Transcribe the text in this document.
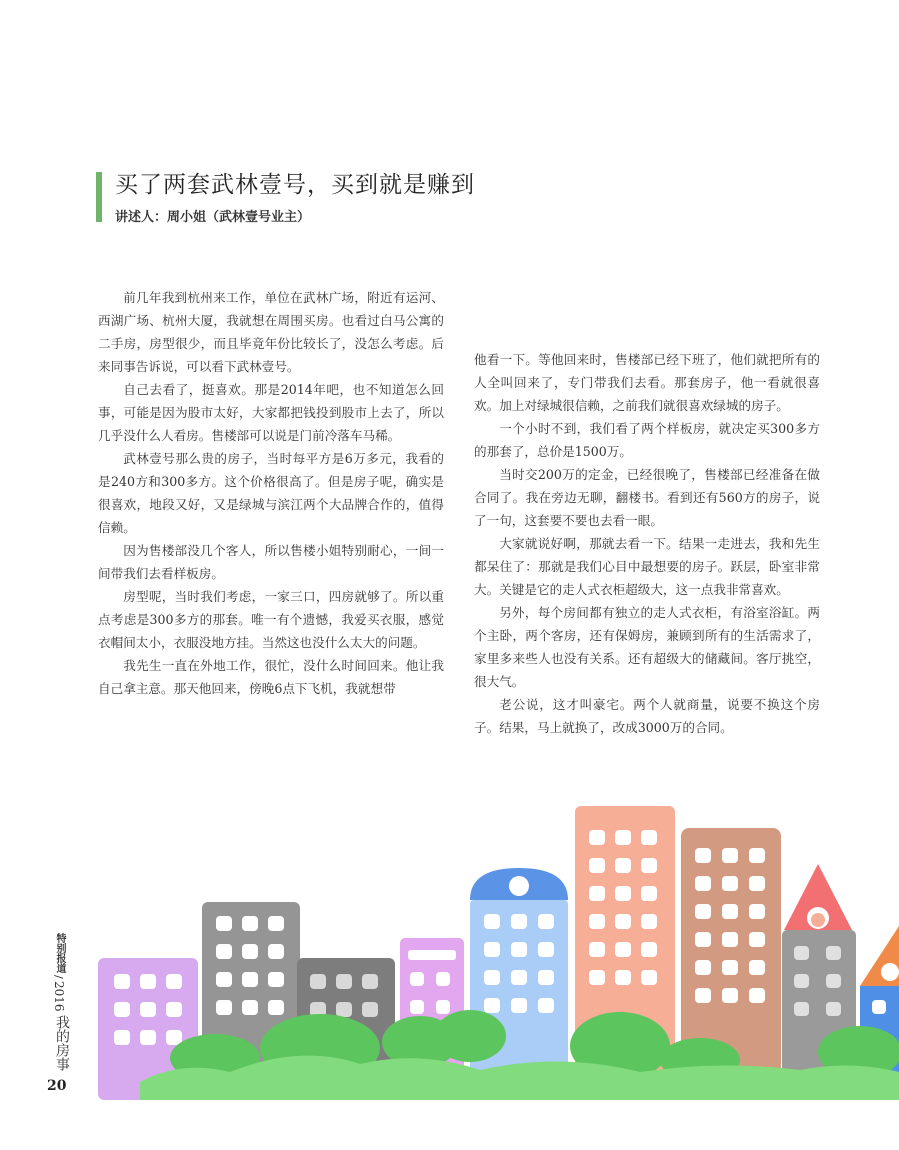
买了两套武林壹号，买到就是赚到
讲述人：周小姐（武林壹号业主）

前几年我到杭州来工作，单位在武林广场，附近有运河、西湖广场、杭州大厦，我就想在周围买房。也看过白马公寓的二手房，房型很少，而且毕竟年份比较长了，没怎么考虑。后来同事告诉说，可以看下武林壹号。

自己去看了，挺喜欢。那是2014年吧，也不知道怎么回事，可能是因为股市太好，大家都把钱投到股市上去了，所以几乎没什么人看房。售楼部可以说是门前冷落车马稀。

武林壹号那么贵的房子，当时每平方是6万多元，我看的是240方和300多方。这个价格很高了。但是房子呢，确实是很喜欢，地段又好，又是绿城与滨江两个大品牌合作的，值得信赖。

因为售楼部没几个客人，所以售楼小姐特别耐心，一间一间带我们去看样板房。

房型呢，当时我们考虑，一家三口，四房就够了。所以重点考虑是300多方的那套。唯一有个遗憾，我爱买衣服，感觉衣帽间太小，衣服没地方挂。当然这也没什么太大的问题。

我先生一直在外地工作，很忙，没什么时间回来。他让我自己拿主意。那天他回来，傍晚6点下飞机，我就想带

他看一下。等他回来时，售楼部已经下班了，他们就把所有的人全叫回来了，专门带我们去看。那套房子，他一看就很喜欢。加上对绿城很信赖，之前我们就很喜欢绿城的房子。

一个小时不到，我们看了两个样板房，就决定买300多方的那套了，总价是1500万。

当时交200万的定金，已经很晚了，售楼部已经准备在做合同了。我在旁边无聊，翻楼书。看到还有560方的房子，说了一句，这套要不要也去看一眼。

大家就说好啊，那就去看一下。结果一走进去，我和先生都呆住了：那就是我们心目中最想要的房子。跃层，卧室非常大。关键是它的走人式衣柜超级大，这一点我非常喜欢。

另外，每个房间都有独立的走人式衣柜，有浴室浴缸。两个主卧，两个客房，还有保姆房，兼顾到所有的生活需求了，家里多来些人也没有关系。还有超级大的储藏间。客厅挑空，很大气。

老公说，这才叫豪宅。两个人就商量，说要不换这个房子。结果，马上就换了，改成3000万的合同。

特别报道
/
2016
我的房事
20
